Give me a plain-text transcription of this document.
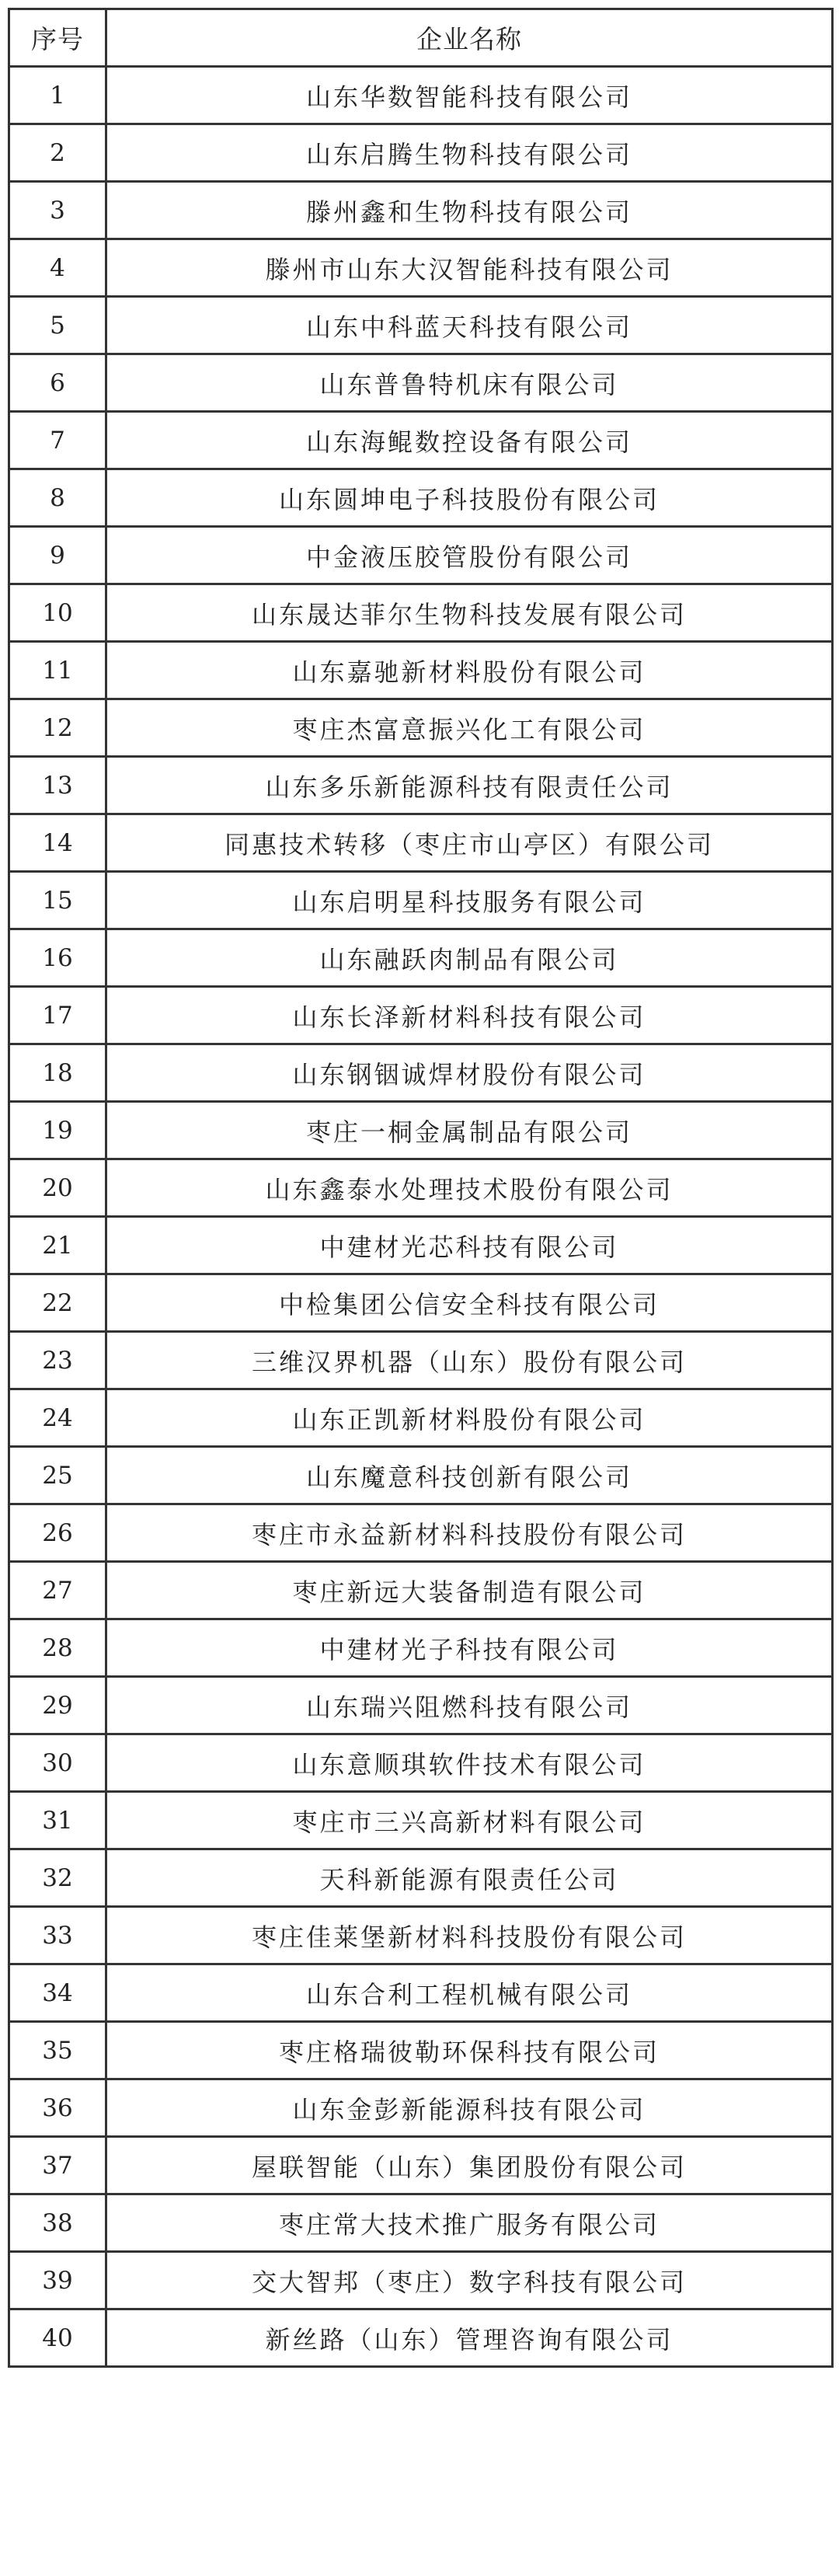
序号	企业名称
1	山东华数智能科技有限公司
2	山东启腾生物科技有限公司
3	滕州鑫和生物科技有限公司
4	滕州市山东大汉智能科技有限公司
5	山东中科蓝天科技有限公司
6	山东普鲁特机床有限公司
7	山东海鲲数控设备有限公司
8	山东圆坤电子科技股份有限公司
9	中金液压胶管股份有限公司
10	山东晟达菲尔生物科技发展有限公司
11	山东嘉驰新材料股份有限公司
12	枣庄杰富意振兴化工有限公司
13	山东多乐新能源科技有限责任公司
14	同惠技术转移（枣庄市山亭区）有限公司
15	山东启明星科技服务有限公司
16	山东融跃肉制品有限公司
17	山东长泽新材料科技有限公司
18	山东钢铟诚焊材股份有限公司
19	枣庄一桐金属制品有限公司
20	山东鑫泰水处理技术股份有限公司
21	中建材光芯科技有限公司
22	中检集团公信安全科技有限公司
23	三维汉界机器（山东）股份有限公司
24	山东正凯新材料股份有限公司
25	山东魔意科技创新有限公司
26	枣庄市永益新材料科技股份有限公司
27	枣庄新远大装备制造有限公司
28	中建材光子科技有限公司
29	山东瑞兴阻燃科技有限公司
30	山东意顺琪软件技术有限公司
31	枣庄市三兴高新材料有限公司
32	天科新能源有限责任公司
33	枣庄佳莱堡新材料科技股份有限公司
34	山东合利工程机械有限公司
35	枣庄格瑞彼勒环保科技有限公司
36	山东金彭新能源科技有限公司
37	屋联智能（山东）集团股份有限公司
38	枣庄常大技术推广服务有限公司
39	交大智邦（枣庄）数字科技有限公司
40	新丝路（山东）管理咨询有限公司
